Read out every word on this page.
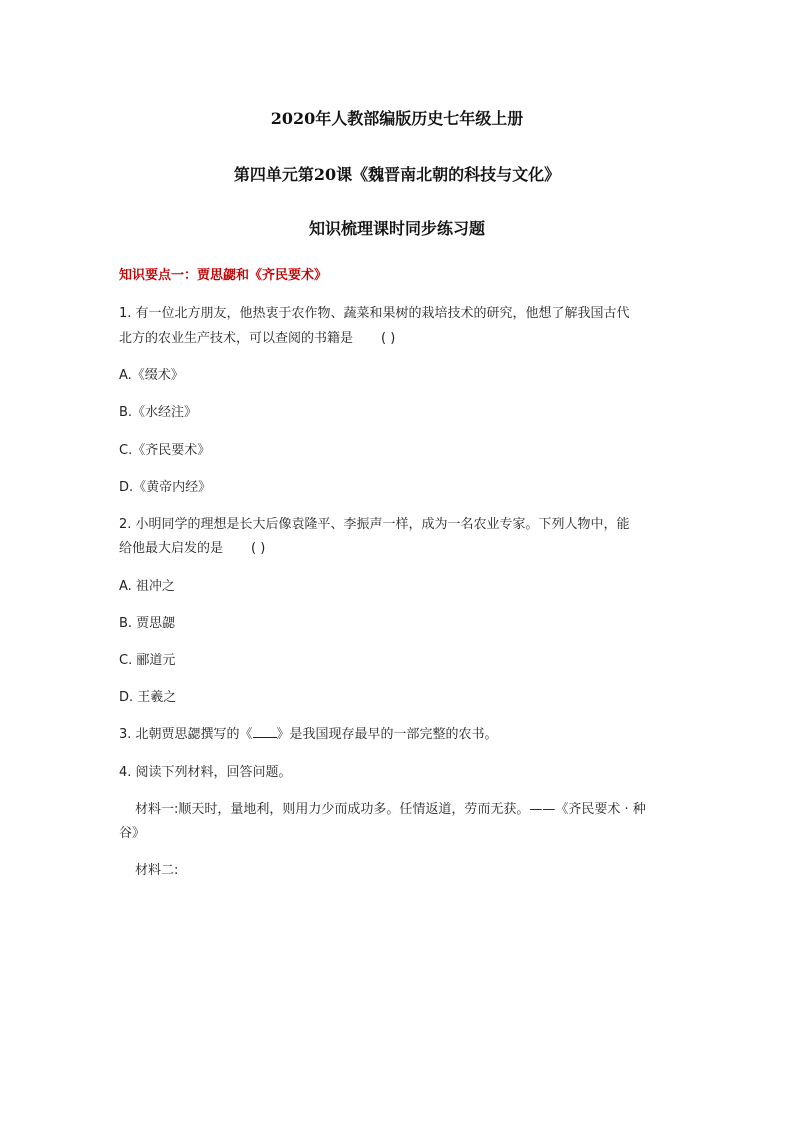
2020年人教部编版历史七年级上册
第四单元第20课《魏晋南北朝的科技与文化》
知识梳理课时同步练习题
知识要点一：贾思勰和《齐民要术》
1. 有一位北方朋友，他热衷于农作物、蔬菜和果树的栽培技术的研究，他想了解我国古代
北方的农业生产技术，可以查阅的书籍是 ( )
A.《缀术》
B.《水经注》
C.《齐民要术》
D.《黄帝内经》
2. 小明同学的理想是长大后像袁隆平、李振声一样，成为一名农业专家。下列人物中，能
给他最大启发的是 ( )
A. 祖冲之
B. 贾思勰
C. 郦道元
D. 王羲之
3. 北朝贾思勰撰写的《 》是我国现存最早的一部完整的农书。
4. 阅读下列材料，回答问题。
材料一:顺天时，量地利，则用力少而成功多。任情返道，劳而无获。——《齐民要术 · 种
谷》
材料二:
